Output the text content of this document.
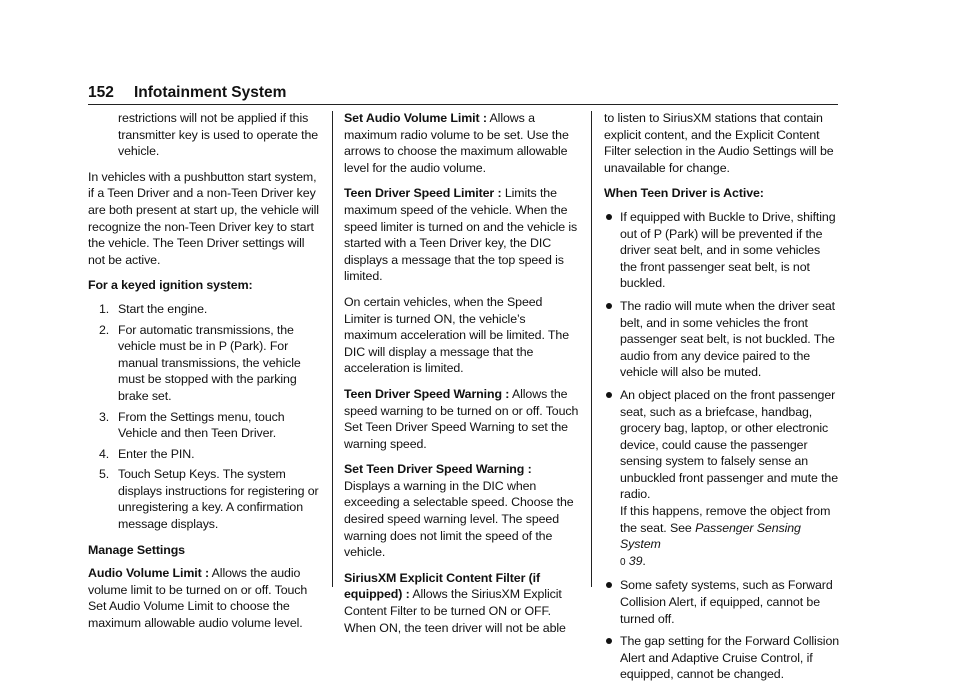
152 Infotainment System

restrictions will not be applied if this transmitter key is used to operate the vehicle.

In vehicles with a pushbutton start system, if a Teen Driver and a non-Teen Driver key are both present at start up, the vehicle will recognize the non-Teen Driver key to start the vehicle. The Teen Driver settings will not be active.

For a keyed ignition system:

1. Start the engine.
2. For automatic transmissions, the vehicle must be in P (Park). For manual transmissions, the vehicle must be stopped with the parking brake set.
3. From the Settings menu, touch Vehicle and then Teen Driver.
4. Enter the PIN.
5. Touch Setup Keys. The system displays instructions for registering or unregistering a key. A confirmation message displays.

Manage Settings

Audio Volume Limit : Allows the audio volume limit to be turned on or off. Touch Set Audio Volume Limit to choose the maximum allowable audio volume level.

Set Audio Volume Limit : Allows a maximum radio volume to be set. Use the arrows to choose the maximum allowable level for the audio volume.

Teen Driver Speed Limiter : Limits the maximum speed of the vehicle. When the speed limiter is turned on and the vehicle is started with a Teen Driver key, the DIC displays a message that the top speed is limited.

On certain vehicles, when the Speed Limiter is turned ON, the vehicle’s maximum acceleration will be limited. The DIC will display a message that the acceleration is limited.

Teen Driver Speed Warning : Allows the speed warning to be turned on or off. Touch Set Teen Driver Speed Warning to set the warning speed.

Set Teen Driver Speed Warning : Displays a warning in the DIC when exceeding a selectable speed. Choose the desired speed warning level. The speed warning does not limit the speed of the vehicle.

SiriusXM Explicit Content Filter (if equipped) : Allows the SiriusXM Explicit Content Filter to be turned ON or OFF. When ON, the teen driver will not be able

to listen to SiriusXM stations that contain explicit content, and the Explicit Content Filter selection in the Audio Settings will be unavailable for change.

When Teen Driver is Active:

If equipped with Buckle to Drive, shifting out of P (Park) will be prevented if the driver seat belt, and in some vehicles the front passenger seat belt, is not buckled.
The radio will mute when the driver seat belt, and in some vehicles the front passenger seat belt, is not buckled. The audio from any device paired to the vehicle will also be muted.
An object placed on the front passenger seat, such as a briefcase, handbag, grocery bag, laptop, or other electronic device, could cause the passenger sensing system to falsely sense an unbuckled front passenger and mute the radio.
If this happens, remove the object from the seat. See Passenger Sensing System
0 39.
Some safety systems, such as Forward Collision Alert, if equipped, cannot be turned off.
The gap setting for the Forward Collision Alert and Adaptive Cruise Control, if equipped, cannot be changed.
